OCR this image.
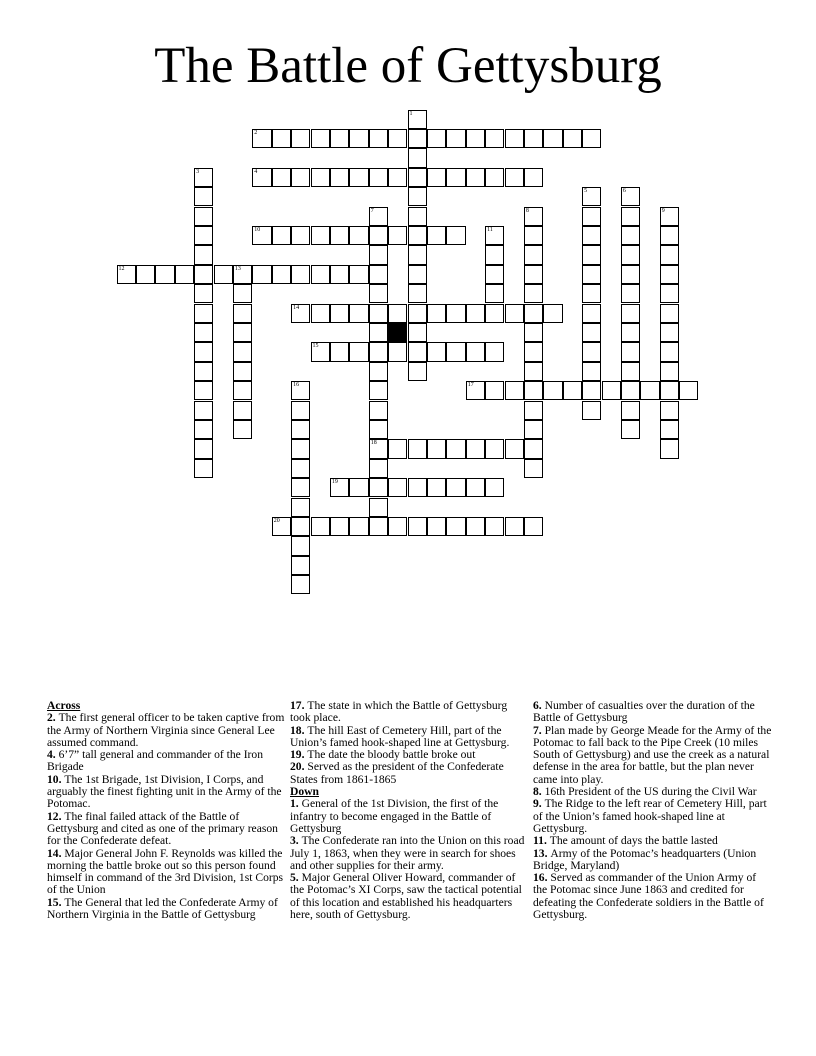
The Battle of Gettysburg
2
4
10
12	13
14
15
17
18
19
20
1
3
5	6
7	8	9
11
16

Across

2. The first general officer to be taken captive from the Army of Northern Virginia since General Lee assumed command.

4. 6’7” tall general and commander of the Iron Brigade

10. The 1st Brigade, 1st Division, I Corps, and arguably the finest fighting unit in the Army of the Potomac.

12. The final failed attack of the Battle of Gettysburg and cited as one of the primary reason for the Confederate defeat.

14. Major General John F. Reynolds was killed the morning the battle broke out so this person found himself in command of the 3rd Division, 1st Corps of the Union

15. The General that led the Confederate Army of Northern Virginia in the Battle of Gettysburg

17. The state in which the Battle of Gettysburg took place.

18. The hill East of Cemetery Hill, part of the Union’s famed hook-shaped line at Gettysburg.

19. The date the bloody battle broke out

20. Served as the president of the Confederate States from 1861-1865

Down

1. General of the 1st Division, the first of the infantry to become engaged in the Battle of Gettysburg

3. The Confederate ran into the Union on this road July 1, 1863, when they were in search for shoes and other supplies for their army.

5. Major General Oliver Howard, commander of the Potomac’s XI Corps, saw the tactical potential of this location and established his headquarters here, south of Gettysburg.

6. Number of casualties over the duration of the Battle of Gettysburg

7. Plan made by George Meade for the Army of the Potomac to fall back to the Pipe Creek (10 miles South of Gettysburg) and use the creek as a natural defense in the area for battle, but the plan never came into play.

8. 16th President of the US during the Civil War

9. The Ridge to the left rear of Cemetery Hill, part of the Union’s famed hook-shaped line at Gettysburg.

11. The amount of days the battle lasted

13. Army of the Potomac’s headquarters (Union Bridge, Maryland)

16. Served as commander of the Union Army of the Potomac since June 1863 and credited for defeating the Confederate soldiers in the Battle of Gettysburg.
